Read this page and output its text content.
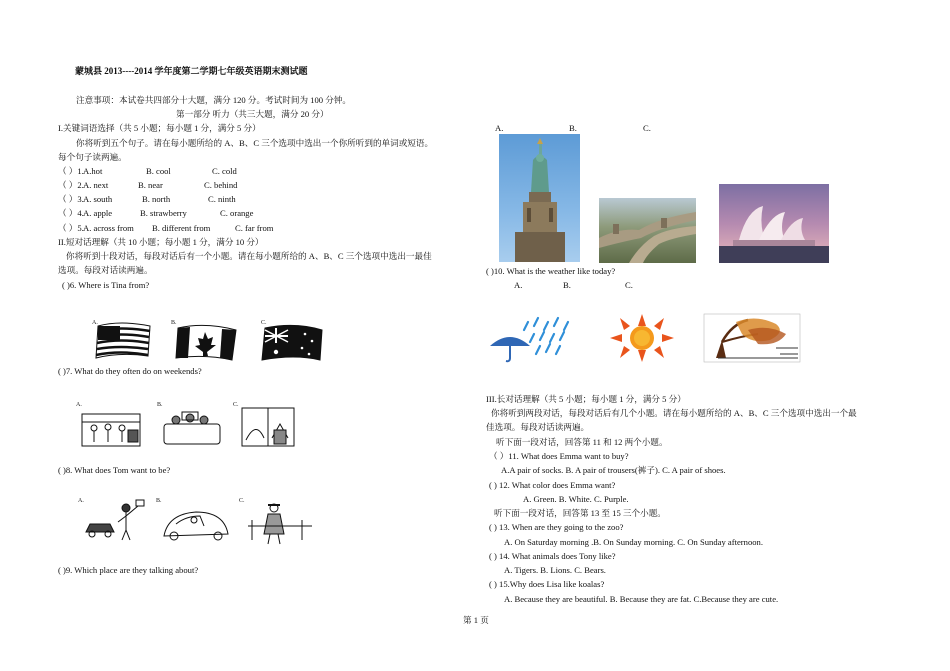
蒙城县 2013----2014 学年度第二学期七年级英语期末测试题
注意事项：本试卷共四部分十大题，满分 120 分。考试时间为 100 分钟。
第一部分 听力（共三大题，满分 20 分）
I.关键词语选择（共 5 小题；每小题 1 分，满分 5 分）
你将听到五个句子。请在每小题所给的 A、B、C 三个选项中选出一个你所听到的单词或短语。
每个句子读两遍。
（ ）1. A.hot	B. cool	C. cold
（ ）2. A. next	B. near	C. behind
（ ）3. A. south	B. north	C. ninth
（ ）4. A. apple	B. strawberry	C. orange
（ ）5. A. across from B. different from	C. far from
II.短对话理解（共 10 小题；每小题 1 分，满分 10 分）
你将听到十段对话，每段对话后有一个小题。请在每小题所给的 A、B、C 三个选项中选出一最佳
选项。每段对话读两遍。
( )6. Where is Tina from?
A.	B.	C.
( )7. What do they often do on weekends?
A.	B.	C.
( )8. What does Tom want to be?
A.	B.	C.
( )9. Which place are they talking about?
A.	B.	C.
( )10. What is the weather like today?
A.	B.	C.
III.长对话理解（共 5 小题；每小题 1 分，满分 5 分）
你将听到两段对话，每段对话后有几个小题。请在每小题所给的 A、B、C 三个选项中选出一个最
佳选项。每段对话读两遍。
听下面一段对话，回答第 11 和 12 两个小题。
（ ）11. What does Emma want to buy?
A.A pair of socks. B. A pair of trousers(裤子). C. A pair of shoes.
( ) 12. What color does Emma want?
A. Green. B. White. C. Purple.
听下面一段对话，回答第 13 至 15 三个小题。
( ) 13. When are they going to the zoo?
A. On Saturday morning .B. On Sunday morning. C. On Sunday afternoon.
( ) 14. What animals does Tony like?
A. Tigers. B. Lions. C. Bears.
( ) 15.Why does Lisa like koalas?
A. Because they are beautiful. B. Because they are fat. C.Because they are cute.
第 1 页
